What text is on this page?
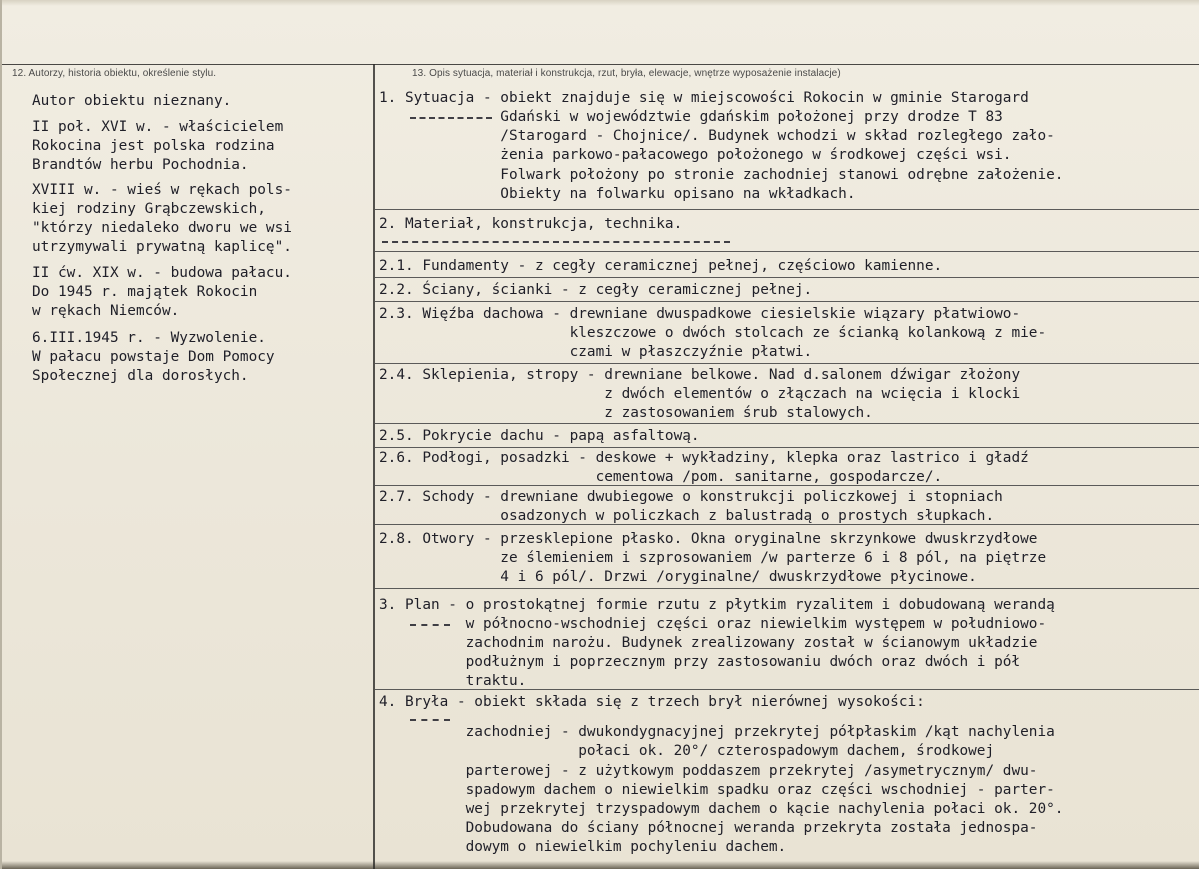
12. Autorzy, historia obiektu, określenie stylu.	13. Opis sytuacja, materiał i konstrukcja, rzut, bryła, elewacje, wnętrze wyposażenie instalacje)
Autor obiektu nieznany.
II poł. XVI w. - właścicielem
Rokocina jest polska rodzina
Brandtów herbu Pochodnia.
XVIII w. - wieś w rękach pols-
kiej rodziny Grąbczewskich,
"którzy niedaleko dworu we wsi
utrzymywali prywatną kaplicę".
II ćw. XIX w. - budowa pałacu.
Do 1945 r. majątek Rokocin
w rękach Niemców.
6.III.1945 r. - Wyzwolenie.
W pałacu powstaje Dom Pomocy
Społecznej dla dorosłych.
1. Sytuacja - obiekt znajduje się w miejscowości Rokocin w gminie Starogard
Gdański w województwie gdańskim położonej przy drodze T 83
/Starogard - Chojnice/. Budynek wchodzi w skład rozległego zało-
żenia parkowo-pałacowego położonego w środkowej części wsi.
Folwark położony po stronie zachodniej stanowi odrębne założenie.
Obiekty na folwarku opisano na wkładkach.
2. Materiał, konstrukcja, technika.
2.1. Fundamenty - z cegły ceramicznej pełnej, częściowo kamienne.
2.2. Ściany, ścianki - z cegły ceramicznej pełnej.
2.3. Więźba dachowa - drewniane dwuspadkowe ciesielskie wiązary płatwiowo-
kleszczowe o dwóch stolcach ze ścianką kolankową z mie-
czami w płaszczyźnie płatwi.
2.4. Sklepienia, stropy - drewniane belkowe. Nad d.salonem dźwigar złożony
z dwóch elementów o złączach na wcięcia i klocki
z zastosowaniem śrub stalowych.
2.5. Pokrycie dachu - papą asfaltową.
2.6. Podłogi, posadzki - deskowe + wykładziny, klepka oraz lastrico i gładź
cementowa /pom. sanitarne, gospodarcze/.
2.7. Schody - drewniane dwubiegowe o konstrukcji policzkowej i stopniach
osadzonych w policzkach z balustradą o prostych słupkach.
2.8. Otwory - przesklepione płasko. Okna oryginalne skrzynkowe dwuskrzydłowe
ze ślemieniem i szprosowaniem /w parterze 6 i 8 pól, na piętrze
4 i 6 pól/. Drzwi /oryginalne/ dwuskrzydłowe płycinowe.
3. Plan - o prostokątnej formie rzutu z płytkim ryzalitem i dobudowaną werandą
w północno-wschodniej części oraz niewielkim występem w południowo-
zachodnim narożu. Budynek zrealizowany został w ścianowym układzie
podłużnym i poprzecznym przy zastosowaniu dwóch oraz dwóch i pół
traktu.
4. Bryła - obiekt składa się z trzech brył nierównej wysokości:
zachodniej - dwukondygnacyjnej przekrytej półpłaskim /kąt nachylenia
połaci ok. 20°/ czterospadowym dachem, środkowej
parterowej - z użytkowym poddaszem przekrytej /asymetrycznym/ dwu-
spadowym dachem o niewielkim spadku oraz części wschodniej - parter-
wej przekrytej trzyspadowym dachem o kącie nachylenia połaci ok. 20°.
Dobudowana do ściany północnej weranda przekryta została jednospa-
dowym o niewielkim pochyleniu dachem.
